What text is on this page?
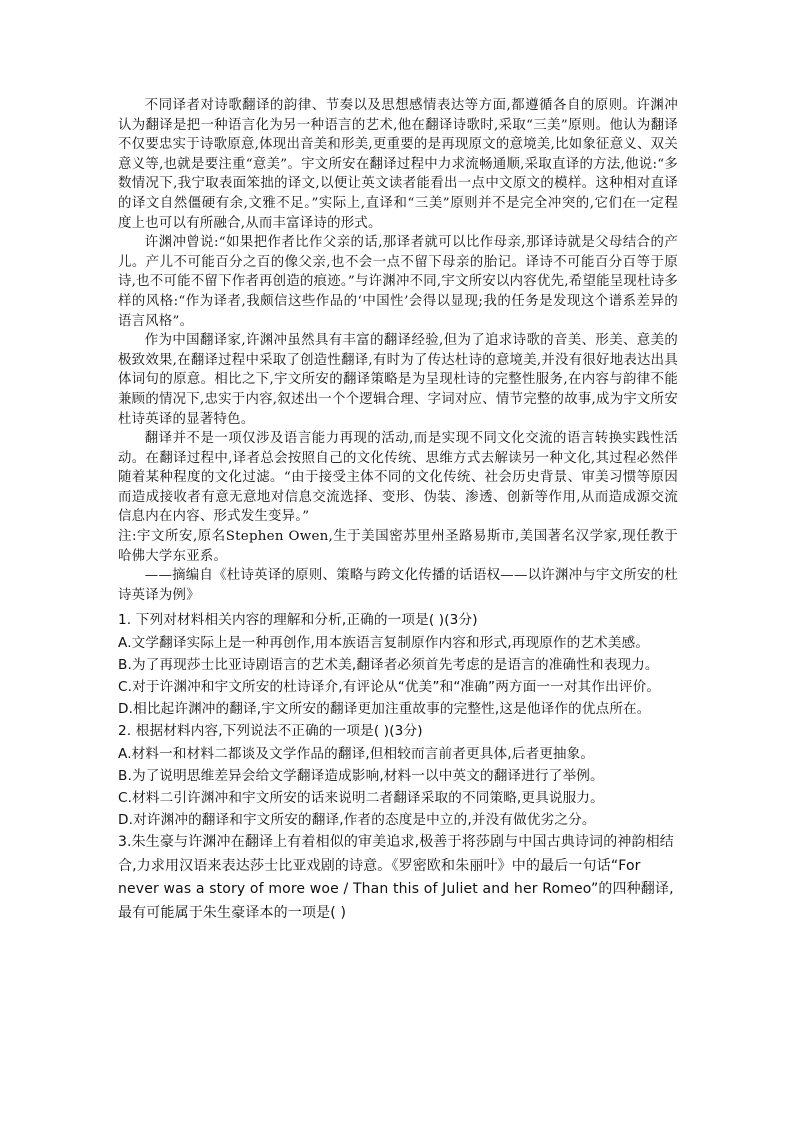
不同译者对诗歌翻译的韵律、节奏以及思想感情表达等方面,都遵循各自的原则。许渊冲认为翻译是把一种语言化为另一种语言的艺术,他在翻译诗歌时,采取“三美”原则。他认为翻译不仅要忠实于诗歌原意,体现出音美和形美,更重要的是再现原文的意境美,比如象征意义、双关意义等,也就是要注重“意美”。宇文所安在翻译过程中力求流畅通顺,采取直译的方法,他说:“多数情况下,我宁取表面笨拙的译文,以便让英文读者能看出一点中文原文的模样。这种相对直译的译文自然僵硬有余,文雅不足。”实际上,直译和“三美”原则并不是完全冲突的,它们在一定程度上也可以有所融合,从而丰富译诗的形式。

许渊冲曾说:“如果把作者比作父亲的话,那译者就可以比作母亲,那译诗就是父母结合的产儿。产儿不可能百分之百的像父亲,也不会一点不留下母亲的胎记。译诗不可能百分百等于原诗,也不可能不留下作者再创造的痕迹。”与许渊冲不同,宇文所安以内容优先,希望能呈现杜诗多样的风格:“作为译者,我颇信这些作品的‘中国性’会得以显现;我的任务是发现这个谱系差异的语言风格”。

作为中国翻译家,许渊冲虽然具有丰富的翻译经验,但为了追求诗歌的音美、形美、意美的极致效果,在翻译过程中采取了创造性翻译,有时为了传达杜诗的意境美,并没有很好地表达出具体词句的原意。相比之下,宇文所安的翻译策略是为呈现杜诗的完整性服务,在内容与韵律不能兼顾的情况下,忠实于内容,叙述出一个个逻辑合理、字词对应、情节完整的故事,成为宇文所安杜诗英译的显著特色。

翻译并不是一项仅涉及语言能力再现的活动,而是实现不同文化交流的语言转换实践性活动。在翻译过程中,译者总会按照自己的文化传统、思维方式去解读另一种文化,其过程必然伴随着某种程度的文化过滤。“由于接受主体不同的文化传统、社会历史背景、审美习惯等原因而造成接收者有意无意地对信息交流选择、变形、伪装、渗透、创新等作用,从而造成源交流信息内在内容、形式发生变异。”

注:宇文所安,原名Stephen Owen,生于美国密苏里州圣路易斯市,美国著名汉学家,现任教于哈佛大学东亚系。

——摘编自《杜诗英译的原则、策略与跨文化传播的话语权——以许渊冲与宇文所安的杜诗英译为例》

1. 下列对材料相关内容的理解和分析,正确的一项是( )(3分)

A.文学翻译实际上是一种再创作,用本族语言复制原作内容和形式,再现原作的艺术美感。

B.为了再现莎士比亚诗剧语言的艺术美,翻译者必须首先考虑的是语言的准确性和表现力。

C.对于许渊冲和宇文所安的杜诗译介,有评论从“优美”和“准确”两方面一一对其作出评价。

D.相比起许渊冲的翻译,宇文所安的翻译更加注重故事的完整性,这是他译作的优点所在。

2. 根据材料内容,下列说法不正确的一项是( )(3分)

A.材料一和材料二都谈及文学作品的翻译,但相较而言前者更具体,后者更抽象。

B.为了说明思维差异会给文学翻译造成影响,材料一以中英文的翻译进行了举例。

C.材料二引许渊冲和宇文所安的话来说明二者翻译采取的不同策略,更具说服力。

D.对许渊冲的翻译和宇文所安的翻译,作者的态度是中立的,并没有做优劣之分。

3.朱生豪与许渊冲在翻译上有着相似的审美追求,极善于将莎剧与中国古典诗词的神韵相结合,力求用汉语来表达莎士比亚戏剧的诗意。《罗密欧和朱丽叶》中的最后一句话“For never was a story of more woe / Than this of Juliet and her Romeo”的四种翻译,最有可能属于朱生豪译本的一项是( )
